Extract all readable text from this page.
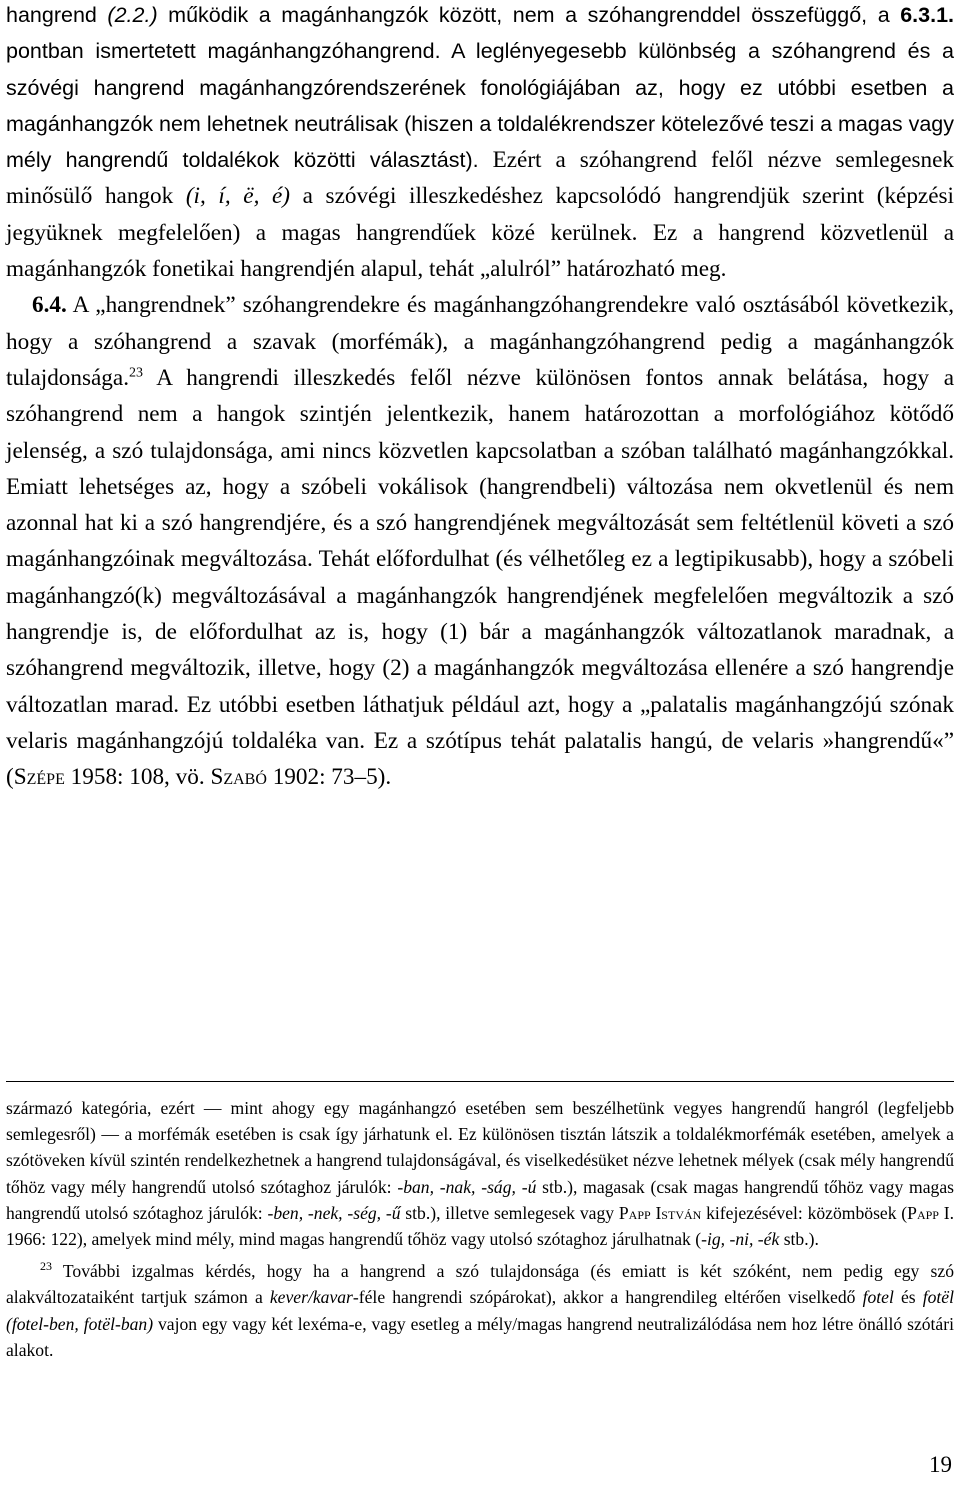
hangrend (2.2.) működik a magánhangzók között, nem a szóhangrenddel összefüggő, a 6.3.1. pontban ismertetett magánhangzóhangrend. A leglényegesebb különbség a szóhangrend és a szóvégi hangrend magánhangzórendszerének fonológiájában az, hogy ez utóbbi esetben a magánhangzók nem lehetnek neutrálisak (hiszen a toldalékrendszer kötelezővé teszi a magas vagy mély hangrendű toldalékok közötti választást). Ezért a szóhangrend felől nézve semlegesnek minősülő hangok (i, í, ë, é) a szóvégi illeszkedéshez kapcsolódó hangrendjük szerint (képzési jegyüknek megfelelően) a magas hangrendűek közé kerülnek. Ez a hangrend közvetlenül a magánhangzók fonetikai hangrendjén alapul, tehát „alulról” határozható meg.

6.4. A „hangrendnek” szóhangrendekre és magánhangzóhangrendekre való osztásából következik, hogy a szóhangrend a szavak (morfémák), a magánhangzóhangrend pedig a magánhangzók tulajdonsága.$^{23}$ A hangrendi illeszkedés felől nézve különösen fontos annak belátása, hogy a szóhangrend nem a hangok szintjén jelentkezik, hanem határozottan a morfológiához kötődő jelenség, a szó tulajdonsága, ami nincs közvetlen kapcsolatban a szóban található magánhangzókkal. Emiatt lehetséges az, hogy a szóbeli vokálisok (hangrendbeli) változása nem okvetlenül és nem azonnal hat ki a szó hangrendjére, és a szó hangrendjének megváltozását sem feltétlenül követi a szó magánhangzóinak megváltozása. Tehát előfordulhat (és vélhetőleg ez a legtipikusabb), hogy a szóbeli magánhangzó(k) megváltozásával a magánhangzók hangrendjének megfelelően megváltozik a szó hangrendje is, de előfordulhat az is, hogy (1) bár a magánhangzók változatlanok maradnak, a szóhangrend megváltozik, illetve, hogy (2) a magánhangzók megváltozása ellenére a szó hangrendje változatlan marad. Ez utóbbi esetben láthatjuk például azt, hogy a „palatalis magánhangzójú szónak velaris magánhangzójú toldaléka van. Ez a szótípus tehát palatalis hangú, de velaris »hangrendű«” (Szépe 1958: 108, vö. Szabó 1902: 73–5).

származó kategória, ezért — mint ahogy egy magánhangzó esetében sem beszélhetünk vegyes hangrendű hangról (legfeljebb semlegesről) — a morfémák esetében is csak így járhatunk el. Ez különösen tisztán látszik a toldalékmorfémák esetében, amelyek a szótöveken kívül szintén rendelkezhetnek a hangrend tulajdonságával, és viselkedésüket nézve lehetnek mélyek (csak mély hangrendű tőhöz vagy mély hangrendű utolsó szótaghoz járulók: -ban, -nak, -ság, -ú stb.), magasak (csak magas hangrendű tőhöz vagy magas hangrendű utolsó szótaghoz járulók: -ben, -nek, -ség, -ű stb.), illetve semlegesek vagy Papp István kifejezésével: közömbösek (Papp I. 1966: 122), amelyek mind mély, mind magas hangrendű tőhöz vagy utolsó szótaghoz járulhatnak (-ig, -ni, -ék stb.).

$^{23}$ További izgalmas kérdés, hogy ha a hangrend a szó tulajdonsága (és emiatt is két szóként, nem pedig egy szó alakváltozataiként tartjuk számon a kever/kavar-féle hangrendi szópárokat), akkor a hangrendileg eltérően viselkedő fotel és fotël (fotel-ben, fotël-ban) vajon egy vagy két lexéma-e, vagy esetleg a mély/magas hangrend neutralizálódása nem hoz létre önálló szótári alakot.

19
